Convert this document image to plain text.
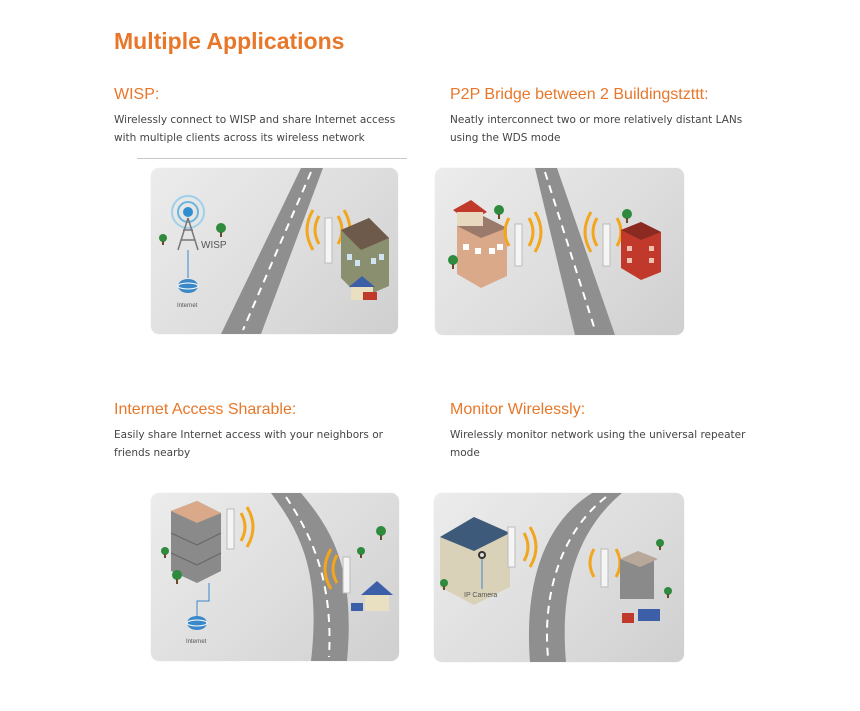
Multiple Applications
WISP:
Wirelessly connect to WISP and share Internet access
with multiple clients across its wireless network
P2P Bridge between 2 Buildingstzttt:
Neatly interconnect two or more relatively distant LANs
using the WDS mode
Internet Access Sharable:
Easily share Internet access with your neighbors or
friends nearby
Monitor Wirelessly:
Wirelessly monitor network using the universal repeater
mode
WISP
Internet
Internet
IP Camera
